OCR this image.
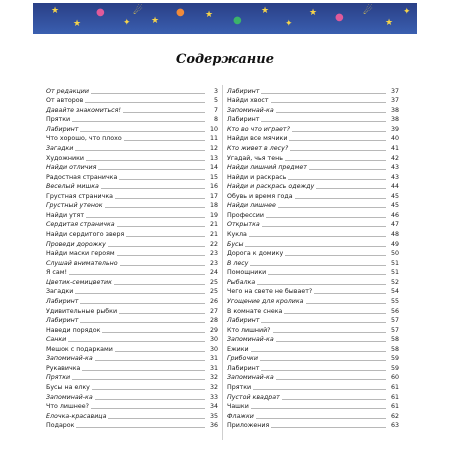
★
★
●
✦
☄
★
● ★ ●
★
✦
★ ●
☄
★
✦
Содержание
От редакции	3
От авторов	5
Давайте знакомиться!	7
Прятки	8
Лабиринт	10
Что хорошо, что плохо	11
Загадки	12
Художники	13
Найди отличия	14
Радостная страничка	15
Веселый мишка	16
Грустная страничка	17
Грустный утенок	18
Найди утят	19
Сердитая страничка	21
Найди сердитого зверя	21
Проведи дорожку	22
Найди маски героям	23
Слушай внимательно	23
Я сам!	24
Цветик-семицветик	25
Загадки	25
Лабиринт	26
Удивительные рыбки	27
Лабиринт	28
Наведи порядок	29
Санки	30
Мешок с подарками	30
Запоминай-ка	31
Рукавичка	31
Прятки	32
Бусы на елку	32
Запоминай-ка	33
Что лишнее?	34
Елочка-красавица	35
Подарок	36
Лабиринт	37
Найди хвост	37
Запоминай-ка	38
Лабиринт	38
Кто во что играет?	39
Найди все мячики	40
Кто живет в лесу?	41
Угадай, чья тень	42
Найди лишний предмет	43
Найди и раскрась	43
Найди и раскрась одежду	44
Обувь и время года	45
Найди лишнее	45
Профессии	46
Открытка	47
Кукла	48
Бусы	49
Дорога к домику	50
В лесу	51
Помощники	51
Рыбалка	52
Чего на свете не бывает?	54
Угощение для кролика	55
В комнате снека	56
Лабиринт	57
Кто лишний?	57
Запоминай-ка	58
Ежики	58
Грибочки	59
Лабиринт	59
Запоминай-ка	60
Прятки	61
Пустой квадрат	61
Чашки	61
Флажки	62
Приложения	63
